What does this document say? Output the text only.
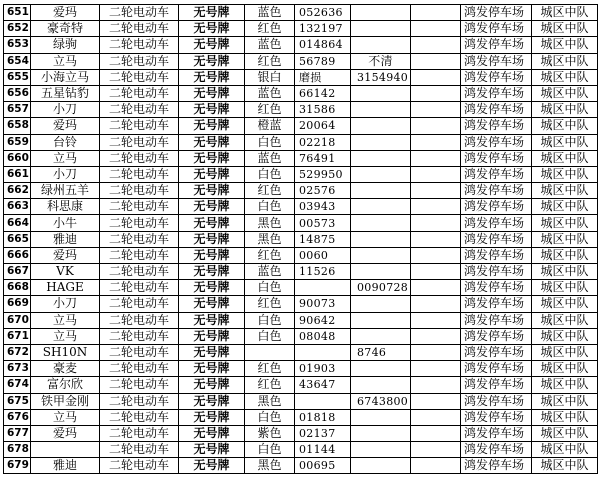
651	爱玛	二轮电动车	无号牌	蓝色	052636			鸿发停车场	城区中队
652	豪奇特	二轮电动车	无号牌	红色	132197			鸿发停车场	城区中队
653	绿驹	二轮电动车	无号牌	蓝色	014864			鸿发停车场	城区中队
654	立马	二轮电动车	无号牌	红色	56789	不清		鸿发停车场	城区中队
655	小海立马	二轮电动车	无号牌	银白	磨损	3154940		鸿发停车场	城区中队
656	五星钻豹	二轮电动车	无号牌	蓝色	66142			鸿发停车场	城区中队
657	小刀	二轮电动车	无号牌	红色	31586			鸿发停车场	城区中队
658	爱玛	二轮电动车	无号牌	橙蓝	20064			鸿发停车场	城区中队
659	台铃	二轮电动车	无号牌	白色	02218			鸿发停车场	城区中队
660	立马	二轮电动车	无号牌	蓝色	76491			鸿发停车场	城区中队
661	小刀	二轮电动车	无号牌	白色	529950			鸿发停车场	城区中队
662	绿州五羊	二轮电动车	无号牌	红色	02576			鸿发停车场	城区中队
663	科思康	二轮电动车	无号牌	白色	03943			鸿发停车场	城区中队
664	小牛	二轮电动车	无号牌	黑色	00573			鸿发停车场	城区中队
665	雅迪	二轮电动车	无号牌	黑色	14875			鸿发停车场	城区中队
666	爱玛	二轮电动车	无号牌	红色	0060			鸿发停车场	城区中队
667	VK	二轮电动车	无号牌	蓝色	11526			鸿发停车场	城区中队
668	HAGE	二轮电动车	无号牌	白色		0090728		鸿发停车场	城区中队
669	小刀	二轮电动车	无号牌	红色	90073			鸿发停车场	城区中队
670	立马	二轮电动车	无号牌	白色	90642			鸿发停车场	城区中队
671	立马	二轮电动车	无号牌	白色	08048			鸿发停车场	城区中队
672	SH10N	二轮电动车	无号牌			8746		鸿发停车场	城区中队
673	豪麦	二轮电动车	无号牌	红色	01903			鸿发停车场	城区中队
674	富尔欣	二轮电动车	无号牌	红色	43647			鸿发停车场	城区中队
675	铁甲金刚	二轮电动车	无号牌	黑色		6743800		鸿发停车场	城区中队
676	立马	二轮电动车	无号牌	白色	01818			鸿发停车场	城区中队
677	爱玛	二轮电动车	无号牌	紫色	02137			鸿发停车场	城区中队
678		二轮电动车	无号牌	白色	01144			鸿发停车场	城区中队
679	雅迪	二轮电动车	无号牌	黑色	00695			鸿发停车场	城区中队
